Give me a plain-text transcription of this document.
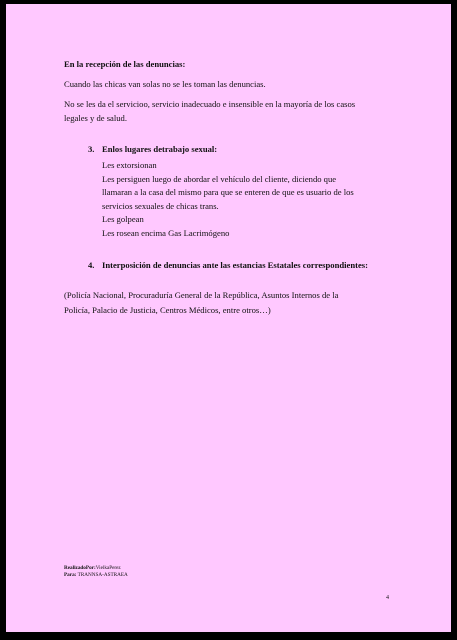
En la recepción de las denuncias:
Cuando las chicas van solas no se les toman las denuncias.
No se les da el servicioo, servicio inadecuado e insensible en la mayoría de los casos
legales y de salud.
3. Enlos lugares detrabajo sexual:
Les extorsionan
Les persiguen luego de abordar el vehículo del cliente, diciendo que
llamaran a la casa del mismo para que se enteren de que es usuario de los
servicios sexuales de chicas trans.
Les golpean
Les rosean encima Gas Lacrimógeno
4. Interposición de denuncias ante las estancias Estatales correspondientes:
(Policía Nacional, Procuraduría General de la República, Asuntos Internos de la
Policía, Palacio de Justicia, Centros Médicos, entre otros…)
RealizadoPor:VielkaPerez
Para: TRANNSA-ASTRAEA
4
